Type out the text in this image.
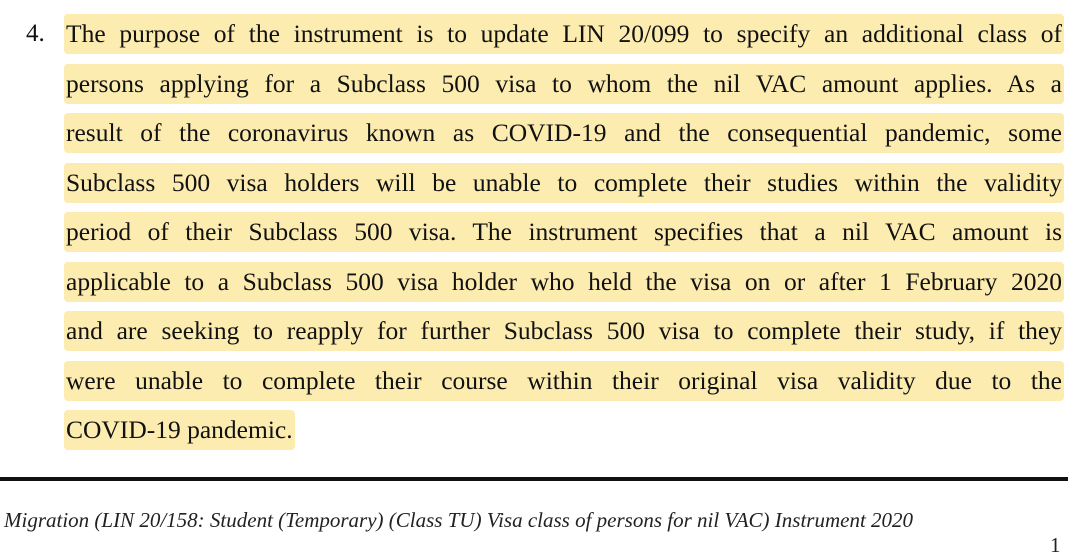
4. The purpose of the instrument is to update LIN 20/099 to specify an additional class of
persons applying for a Subclass 500 visa to whom the nil VAC amount applies. As a
result of the coronavirus known as COVID-19 and the consequential pandemic, some
Subclass 500 visa holders will be unable to complete their studies within the validity
period of their Subclass 500 visa. The instrument specifies that a nil VAC amount is
applicable to a Subclass 500 visa holder who held the visa on or after 1 February 2020
and are seeking to reapply for further Subclass 500 visa to complete their study, if they
were unable to complete their course within their original visa validity due to the
COVID-19 pandemic.
Migration (LIN 20/158: Student (Temporary) (Class TU) Visa class of persons for nil VAC) Instrument 2020
1
